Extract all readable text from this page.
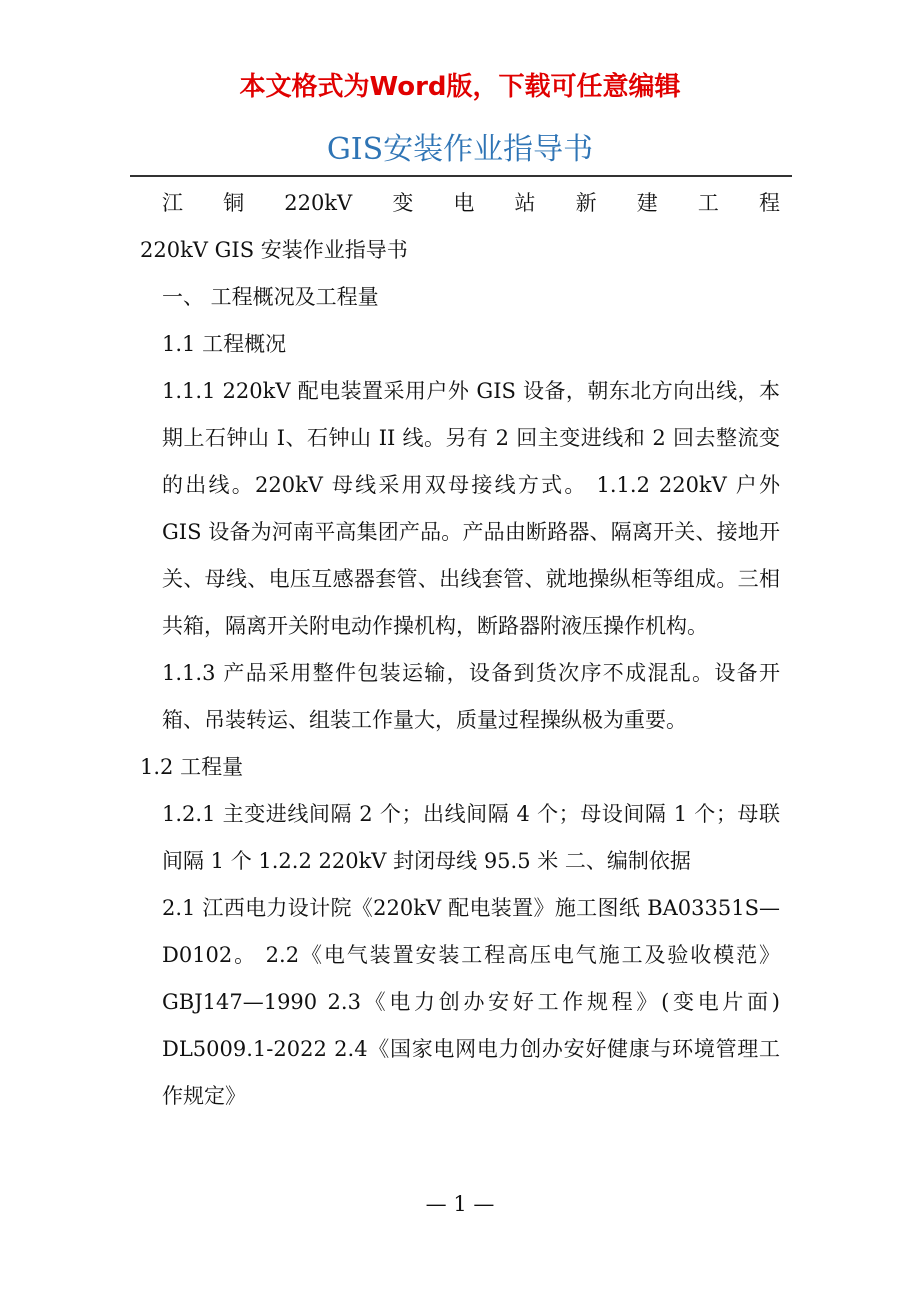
本文格式为Word版，下载可任意编辑
GIS安装作业指导书

江 铜 220kV 变 电 站 新 建 工 程

220kV GIS 安装作业指导书

一、 工程概况及工程量

1.1 工程概况

1.1.1 220kV 配电装置采用户外 GIS 设备，朝东北方向出线，本期上石钟山 I、石钟山 II 线。另有 2 回主变进线和 2 回去整流变的出线。220kV 母线采用双母接线方式。 1.1.2 220kV 户外 GIS 设备为河南平高集团产品。产品由断路器、隔离开关、接地开关、母线、电压互感器套管、出线套管、就地操纵柜等组成。三相共箱，隔离开关附电动作操机构，断路器附液压操作机构。

1.1.3 产品采用整件包装运输，设备到货次序不成混乱。设备开箱、吊装转运、组装工作量大，质量过程操纵极为重要。

1.2 工程量

1.2.1 主变进线间隔 2 个；出线间隔 4 个；母设间隔 1 个；母联间隔 1 个 1.2.2 220kV 封闭母线 95.5 米 二、编制依据

2.1 江西电力设计院《220kV 配电装置》施工图纸 BA03351S—D0102。 2.2《电气装置安装工程高压电气施工及验收模范》 GBJ147—1990 2.3《电力创办安好工作规程》(变电片面) DL5009.1-2022 2.4《国家电网电力创办安好健康与环境管理工作规定》

— 1 —
